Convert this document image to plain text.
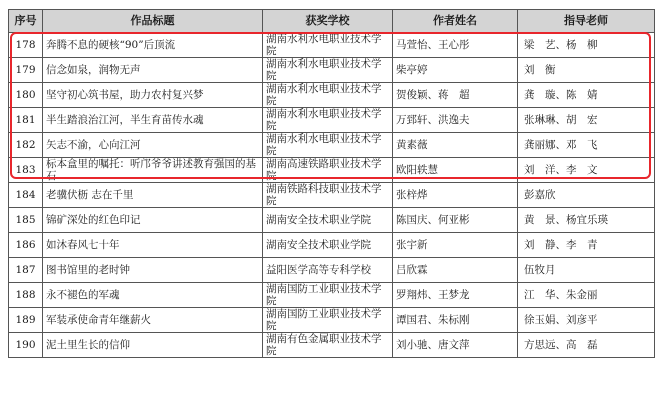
序号	作品标题	获奖学校	作者姓名	指导老师
178	奔腾不息的硬核“90”后顶流	湖南水利水电职业技术学院	马萱怡、王心彤	梁　艺、杨　柳
179	信念如泉，润物无声	湖南水利水电职业技术学院	柴亭婷	刘　衡
180	坚守初心筑书屋，助力农村复兴梦	湖南水利水电职业技术学院	贺俊颖、蒋　超	龚　璇、陈　婧
181	半生踏浪治江河，半生育苗传水魂	湖南水利水电职业技术学院	万郅轩、洪逸夫	张琳琳、胡　宏
182	矢志不渝，心向江河	湖南水利水电职业技术学院	黄素薇	龚丽娜、邓　飞
183	标本盒里的嘱托：听邝爷爷讲述教育强国的基石	湖南高速铁路职业技术学院	欧阳轶慧	刘　洋、李　文
184	老骥伏枥 志在千里	湖南铁路科技职业技术学院	张梓烨	彭嘉欣
185	锦矿深处的红色印记	湖南安全技术职业学院	陈国庆、何亚彬	黄　景、杨宜乐瑛
186	如沐春风七十年	湖南安全技术职业学院	张宇新	刘　静、李　青
187	图书馆里的老时钟	益阳医学高等专科学校	吕欣霖	伍牧月
188	永不褪色的军魂	湖南国防工业职业技术学院	罗翔炜、王梦龙	江　华、朱金丽
189	军装承使命青年继薪火	湖南国防工业职业技术学院	谭国君、朱标刚	徐玉娟、刘彦平
190	泥土里生长的信仰	湖南有色金属职业技术学院	刘小驰、唐文萍	方思远、高　磊
